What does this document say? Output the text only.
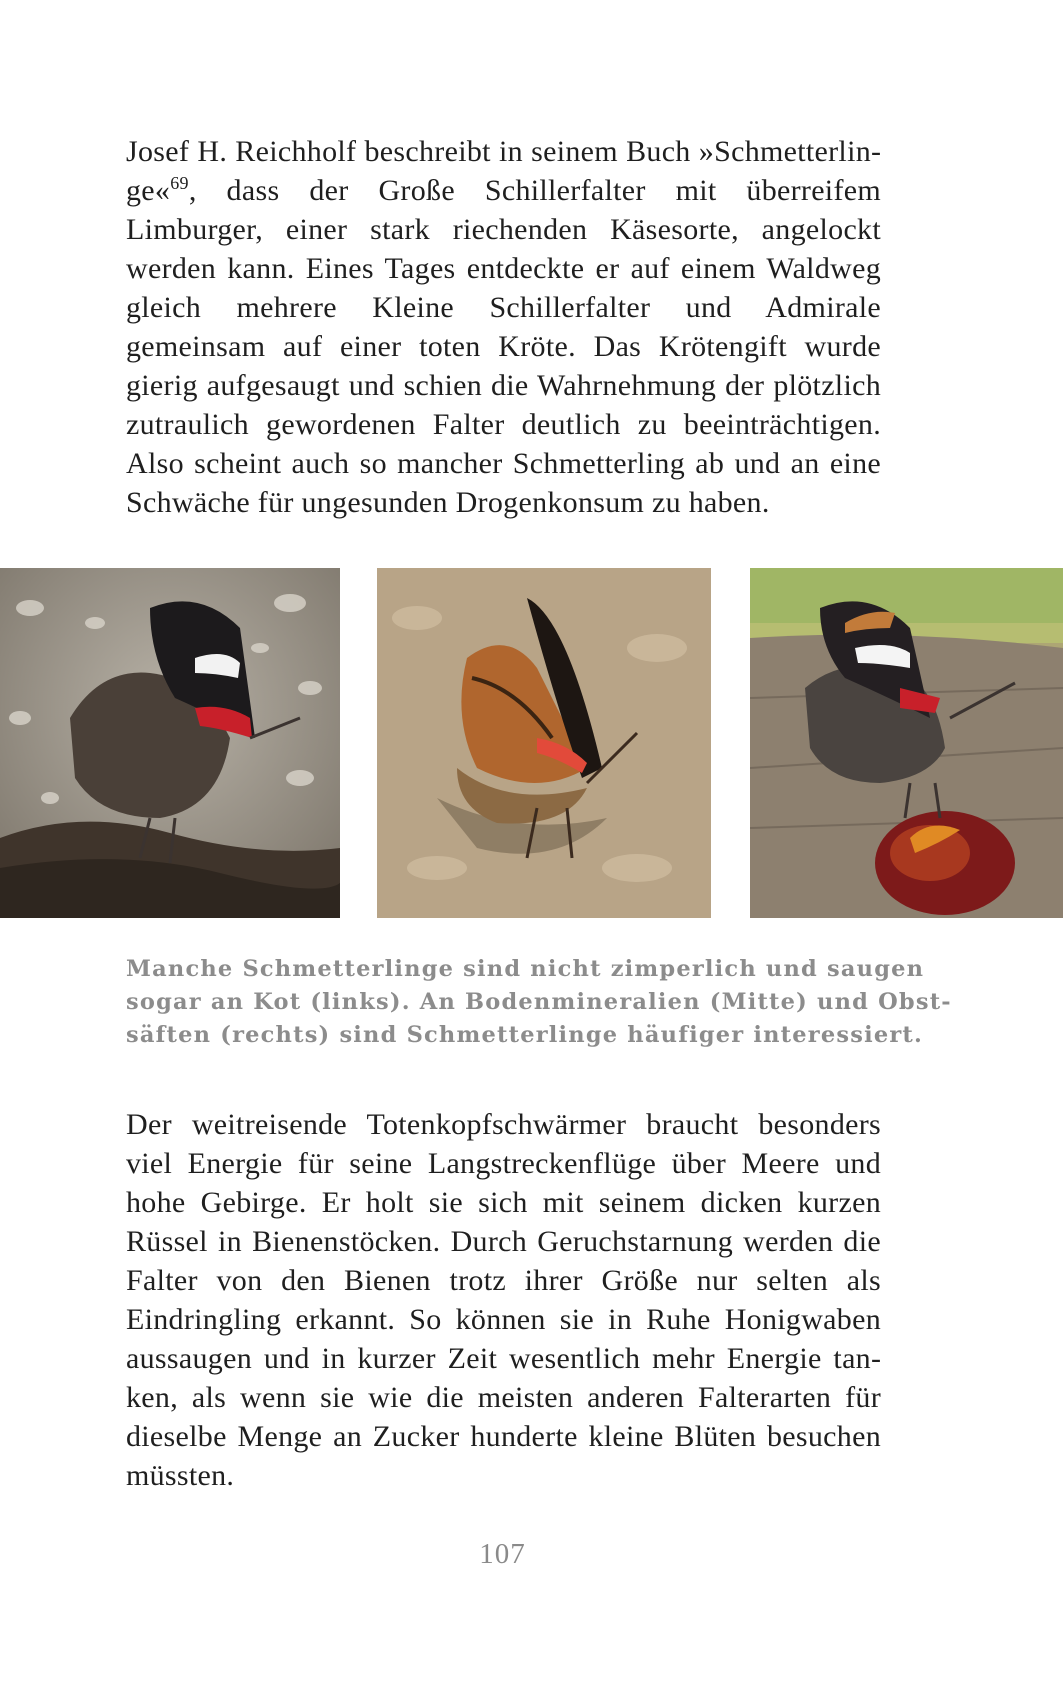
Josef H. Reichholf beschreibt in seinem Buch »Schmetterlinge«$^{69}$, dass der Große Schillerfalter mit überreifem Limburger, einer stark riechenden Käsesorte, angelockt werden kann. Eines Tages entdeckte er auf einem Waldweg gleich mehrere Kleine Schillerfalter und Admirale gemeinsam auf einer toten Kröte. Das Krötengift wurde gierig aufgesaugt und schien die Wahrnehmung der plötzlich zutraulich gewordenen Falter deutlich zu beeinträchtigen. Also scheint auch so mancher Schmetterling ab und an eine Schwäche für ungesunden Drogenkonsum zu haben.
Manche Schmetterlinge sind nicht zimperlich und saugen
sogar an Kot (links). An Bodenmineralien (Mitte) und Obst-
säften (rechts) sind Schmetterlinge häufiger interessiert.
Der weitreisende Totenkopfschwärmer braucht besonders viel Energie für seine Langstreckenflüge über Meere und hohe Gebirge. Er holt sie sich mit seinem dicken kurzen Rüssel in Bienenstöcken. Durch Geruchstarnung werden die Falter von den Bienen trotz ihrer Größe nur selten als Eindringling erkannt. So können sie in Ruhe Honigwaben aussaugen und in kurzer Zeit wesentlich mehr Energie tanken, als wenn sie wie die meisten anderen Falterarten für dieselbe Menge an Zucker hunderte kleine Blüten besuchen müssten.
107
